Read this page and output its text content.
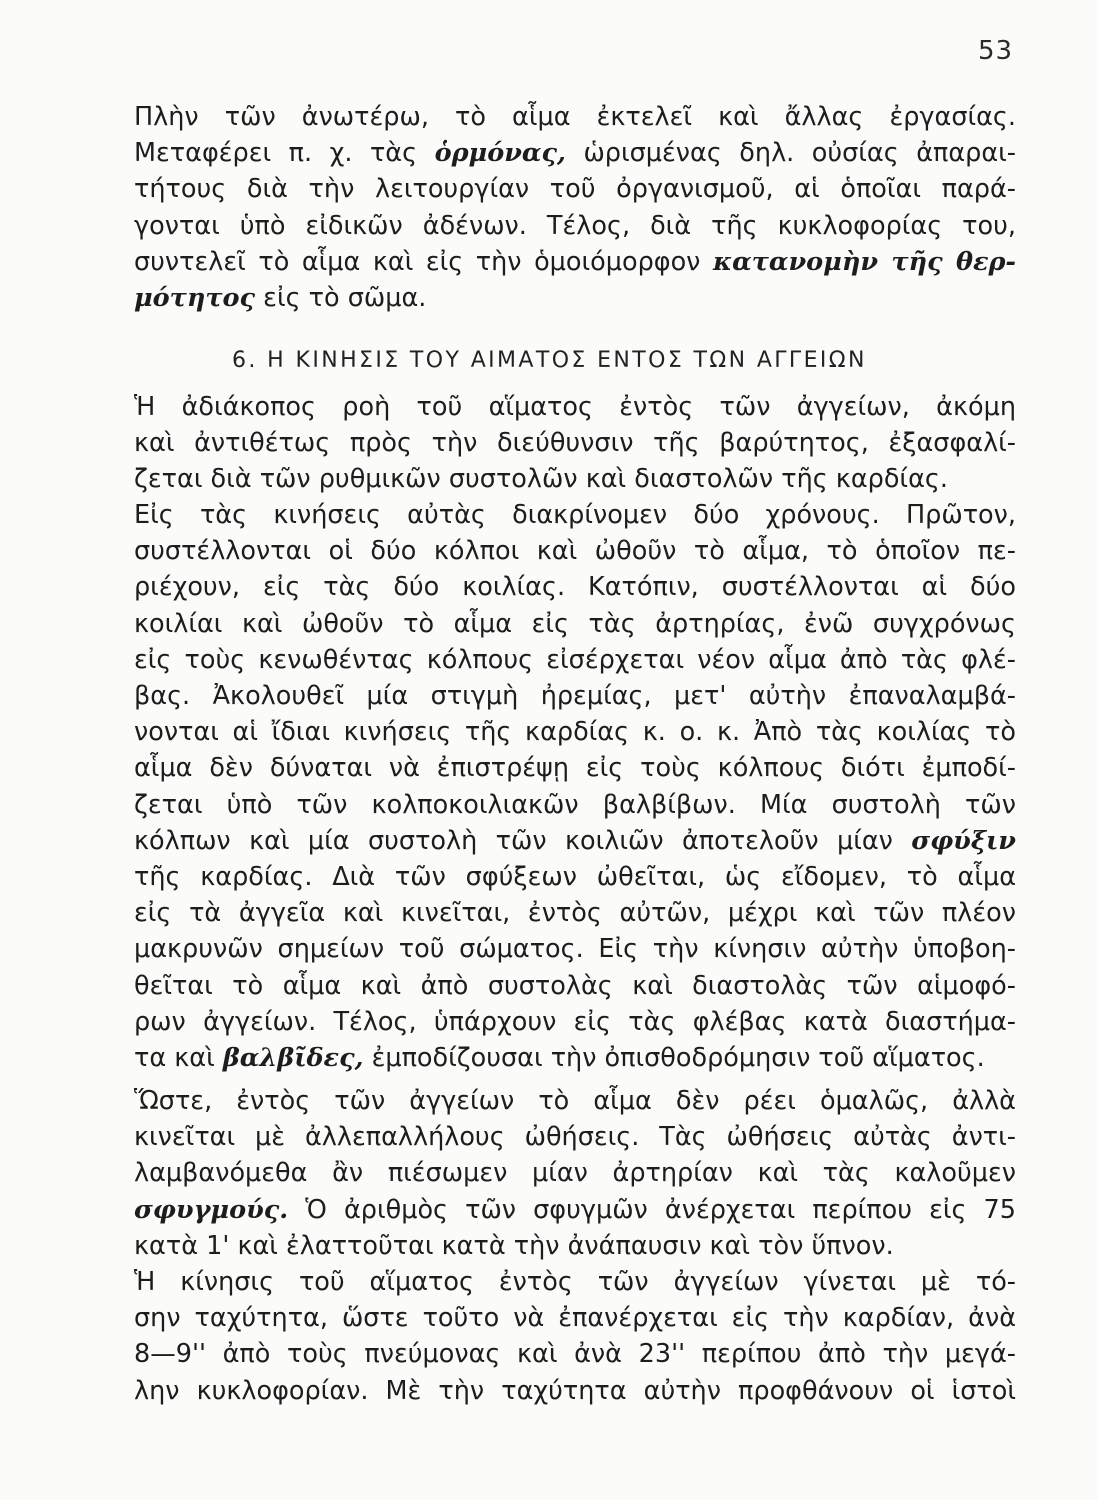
53
Πλὴν τῶν ἀνωτέρω, τὸ αἷμα ἐκτελεῖ καὶ ἄλλας ἐργασίας.
Μεταφέρει π. χ. τὰς ὁρμόνας, ὡρισμένας δηλ. οὐσίας ἀπαραι-
τήτους διὰ τὴν λειτουργίαν τοῦ ὀργανισμοῦ, αἱ ὁποῖαι παρά-
γονται ὑπὸ εἰδικῶν ἀδένων. Τέλος, διὰ τῆς κυκλοφορίας του,
συντελεῖ τὸ αἷμα καὶ εἰς τὴν ὁμοιόμορφον κατανομὴν τῆς θερ-
μότητος εἰς τὸ σῶμα.
6. Η ΚΙΝΗΣΙΣ ΤΟΥ ΑΙΜΑΤΟΣ ΕΝΤΟΣ ΤΩΝ ΑΓΓΕΙΩΝ
Ἡ ἀδιάκοπος ροὴ τοῦ αἵματος ἐντὸς τῶν ἀγγείων, ἀκόμη
καὶ ἀντιθέτως πρὸς τὴν διεύθυνσιν τῆς βαρύτητος, ἐξασφαλί-
ζεται διὰ τῶν ρυθμικῶν συστολῶν καὶ διαστολῶν τῆς καρδίας.
Εἰς τὰς κινήσεις αὐτὰς διακρίνομεν δύο χρόνους. Πρῶτον,
συστέλλονται οἱ δύο κόλποι καὶ ὠθοῦν τὸ αἷμα, τὸ ὁποῖον πε-
ριέχουν, εἰς τὰς δύο κοιλίας. Κατόπιν, συστέλλονται αἱ δύο
κοιλίαι καὶ ὠθοῦν τὸ αἷμα εἰς τὰς ἀρτηρίας, ἐνῶ συγχρόνως
εἰς τοὺς κενωθέντας κόλπους εἰσέρχεται νέον αἷμα ἀπὸ τὰς φλέ-
βας. Ἀκολουθεῖ μία στιγμὴ ἠρεμίας, μετ' αὐτὴν ἐπαναλαμβά-
νονται αἱ ἴδιαι κινήσεις τῆς καρδίας κ. ο. κ. Ἀπὸ τὰς κοιλίας τὸ
αἷμα δὲν δύναται νὰ ἐπιστρέψῃ εἰς τοὺς κόλπους διότι ἐμποδί-
ζεται ὑπὸ τῶν κολποκοιλιακῶν βαλβίβων. Μία συστολὴ τῶν
κόλπων καὶ μία συστολὴ τῶν κοιλιῶν ἀποτελοῦν μίαν σφύξιν
τῆς καρδίας. Διὰ τῶν σφύξεων ὠθεῖται, ὡς εἴδομεν, τὸ αἷμα
εἰς τὰ ἀγγεῖα καὶ κινεῖται, ἐντὸς αὐτῶν, μέχρι καὶ τῶν πλέον
μακρυνῶν σημείων τοῦ σώματος. Εἰς τὴν κίνησιν αὐτὴν ὑποβοη-
θεῖται τὸ αἷμα καὶ ἀπὸ συστολὰς καὶ διαστολὰς τῶν αἱμοφό-
ρων ἀγγείων. Τέλος, ὑπάρχουν εἰς τὰς φλέβας κατὰ διαστήμα-
τα καὶ βαλβῖδες, ἐμποδίζουσαι τὴν ὀπισθοδρόμησιν τοῦ αἵματος.
Ὥστε, ἐντὸς τῶν ἀγγείων τὸ αἷμα δὲν ρέει ὁμαλῶς, ἀλλὰ
κινεῖται μὲ ἀλλεπαλλήλους ὠθήσεις. Τὰς ὠθήσεις αὐτὰς ἀντι-
λαμβανόμεθα ἂν πιέσωμεν μίαν ἀρτηρίαν καὶ τὰς καλοῦμεν
σφυγμούς. Ὁ ἀριθμὸς τῶν σφυγμῶν ἀνέρχεται περίπου εἰς 75
κατὰ 1' καὶ ἐλαττοῦται κατὰ τὴν ἀνάπαυσιν καὶ τὸν ὕπνον.
Ἡ κίνησις τοῦ αἵματος ἐντὸς τῶν ἀγγείων γίνεται μὲ τό-
σην ταχύτητα, ὥστε τοῦτο νὰ ἐπανέρχεται εἰς τὴν καρδίαν, ἀνὰ
8—9'' ἀπὸ τοὺς πνεύμονας καὶ ἀνὰ 23'' περίπου ἀπὸ τὴν μεγά-
λην κυκλοφορίαν. Μὲ τὴν ταχύτητα αὐτὴν προφθάνουν οἱ ἱστοὶ
